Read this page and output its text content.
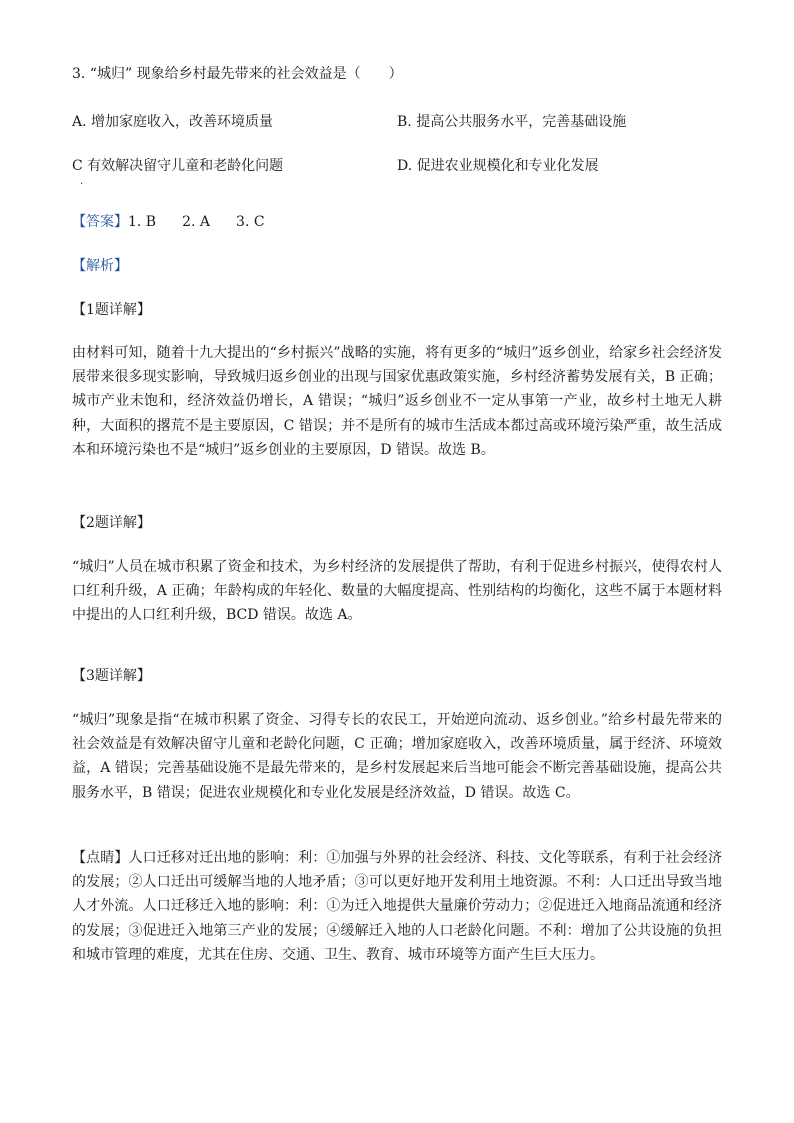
3. “城归” 现象给乡村最先带来的社会效益是（　　）
A. 增加家庭收入，改善环境质量	B. 提高公共服务水平，完善基础设施
C 有效解决留守儿童和老龄化问题	D. 促进农业规模化和专业化发展
·
【答案】1. B 2. A 3. C
【解析】
【1题详解】
由材料可知，随着十九大提出的“乡村振兴”战略的实施，将有更多的“城归”返乡创业，给家乡社会经济发展带来很多现实影响，导致城归返乡创业的出现与国家优惠政策实施，乡村经济蓄势发展有关，B 正确；城市产业未饱和，经济效益仍增长，A 错误；“城归”返乡创业不一定从事第一产业，故乡村土地无人耕种，大面积的撂荒不是主要原因，C 错误；并不是所有的城市生活成本都过高或环境污染严重，故生活成本和环境污染也不是“城归”返乡创业的主要原因，D 错误。故选 B。
【2题详解】
“城归”人员在城市积累了资金和技术，为乡村经济的发展提供了帮助，有利于促进乡村振兴，使得农村人口红利升级，A 正确；年龄构成的年轻化、数量的大幅度提高、性别结构的均衡化，这些不属于本题材料中提出的人口红利升级，BCD 错误。故选 A。
【3题详解】
“城归”现象是指“在城市积累了资金、习得专长的农民工，开始逆向流动、返乡创业。”给乡村最先带来的社会效益是有效解决留守儿童和老龄化问题，C 正确；增加家庭收入，改善环境质量，属于经济、环境效益，A 错误；完善基础设施不是最先带来的，是乡村发展起来后当地可能会不断完善基础设施，提高公共服务水平，B 错误；促进农业规模化和专业化发展是经济效益，D 错误。故选 C。
【点睛】人口迁移对迁出地的影响：利：①加强与外界的社会经济、科技、文化等联系，有利于社会经济的发展；②人口迁出可缓解当地的人地矛盾；③可以更好地开发利用土地资源。不利：人口迁出导致当地人才外流。人口迁移迁入地的影响：利：①为迁入地提供大量廉价劳动力；②促进迁入地商品流通和经济的发展；③促进迁入地第三产业的发展；④缓解迁入地的人口老龄化问题。不利：增加了公共设施的负担和城市管理的难度，尤其在住房、交通、卫生、教育、城市环境等方面产生巨大压力。
